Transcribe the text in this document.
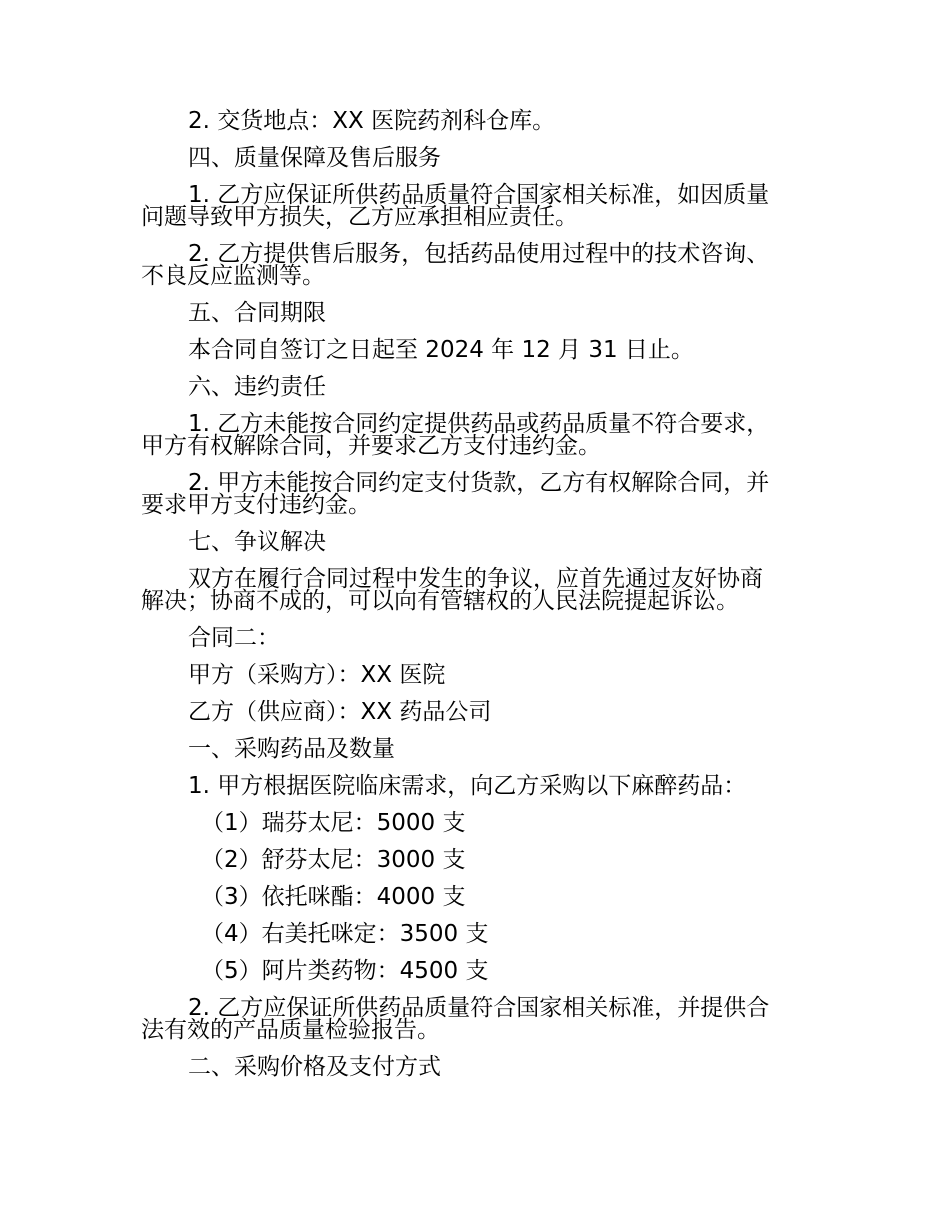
2. 交货地点：XX 医院药剂科仓库。
四、质量保障及售后服务
1. 乙方应保证所供药品质量符合国家相关标准，如因质量
问题导致甲方损失，乙方应承担相应责任。
2. 乙方提供售后服务，包括药品使用过程中的技术咨询、
不良反应监测等。
五、合同期限
本合同自签订之日起至 2024 年 12 月 31 日止。
六、违约责任
1. 乙方未能按合同约定提供药品或药品质量不符合要求，
甲方有权解除合同，并要求乙方支付违约金。
2. 甲方未能按合同约定支付货款，乙方有权解除合同，并
要求甲方支付违约金。
七、争议解决
双方在履行合同过程中发生的争议，应首先通过友好协商
解决；协商不成的，可以向有管辖权的人民法院提起诉讼。
合同二：
甲方（采购方）：XX 医院
乙方（供应商）：XX 药品公司
一、采购药品及数量
1. 甲方根据医院临床需求，向乙方采购以下麻醉药品：
（1）瑞芬太尼：5000 支
（2）舒芬太尼：3000 支
（3）依托咪酯：4000 支
（4）右美托咪定：3500 支
（5）阿片类药物：4500 支
2. 乙方应保证所供药品质量符合国家相关标准，并提供合
法有效的产品质量检验报告。
二、采购价格及支付方式
